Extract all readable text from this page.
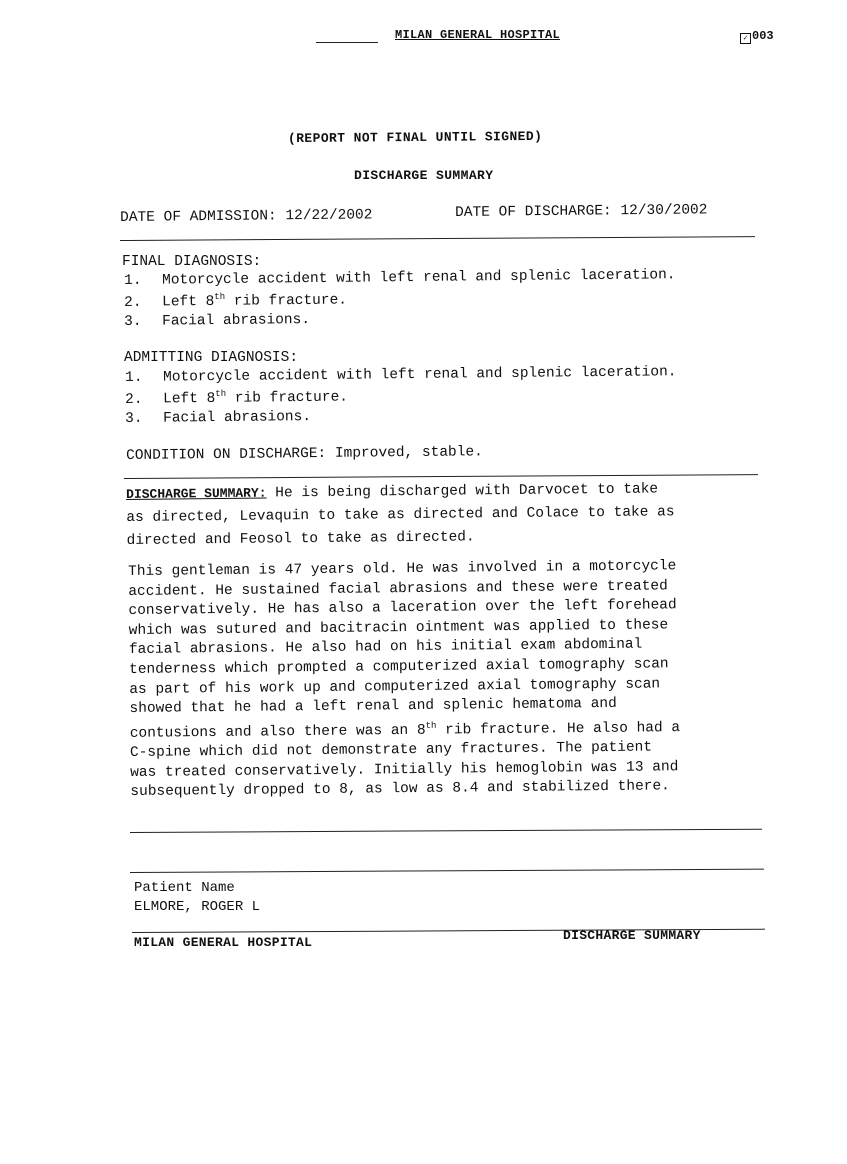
MILAN GENERAL HOSPITAL	✓ 003
(REPORT NOT FINAL UNTIL SIGNED)
DISCHARGE SUMMARY
DATE OF ADMISSION: 12/22/2002	DATE OF DISCHARGE: 12/30/2002
FINAL DIAGNOSIS:
1. Motorcycle accident with left renal and splenic laceration.
2. Left 8th rib fracture.
3. Facial abrasions.
ADMITTING DIAGNOSIS:
1. Motorcycle accident with left renal and splenic laceration.
2. Left 8th rib fracture.
3. Facial abrasions.
CONDITION ON DISCHARGE: Improved, stable.
DISCHARGE SUMMARY: He is being discharged with Darvocet to take
as directed, Levaquin to take as directed and Colace to take as
directed and Feosol to take as directed.
This gentleman is 47 years old. He was involved in a motorcycle
accident. He sustained facial abrasions and these were treated
conservatively. He has also a laceration over the left forehead
which was sutured and bacitracin ointment was applied to these
facial abrasions. He also had on his initial exam abdominal
tenderness which prompted a computerized axial tomography scan
as part of his work up and computerized axial tomography scan
showed that he had a left renal and splenic hematoma and
contusions and also there was an 8th rib fracture. He also had a
C-spine which did not demonstrate any fractures. The patient
was treated conservatively. Initially his hemoglobin was 13 and
subsequently dropped to 8, as low as 8.4 and stabilized there.
Patient Name
ELMORE, ROGER L
MILAN GENERAL HOSPITAL	DISCHARGE SUMMARY
